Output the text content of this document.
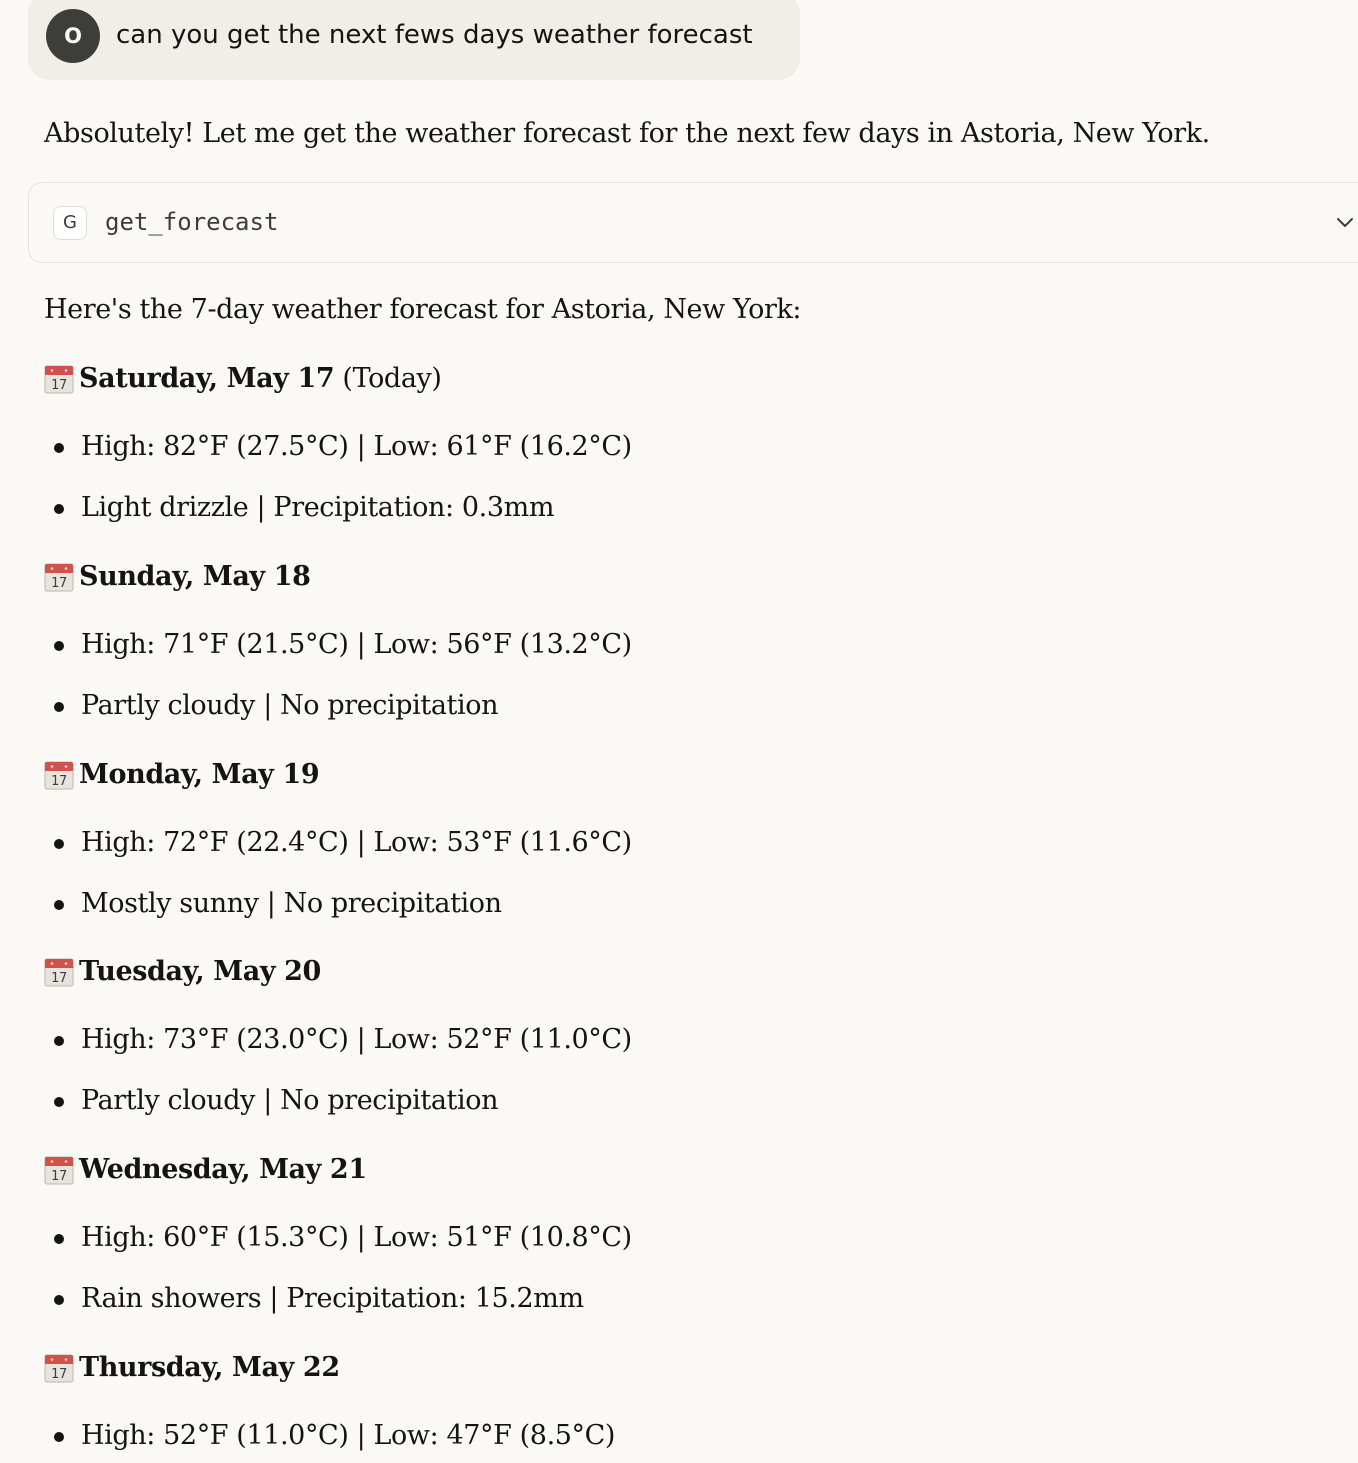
O	can you get the next fews days weather forecast
Absolutely! Let me get the weather forecast for the next few days in Astoria, New York.
G	get_forecast
Here's the 7-day weather forecast for Astoria, New York:
17 Saturday, May 17 (Today)
High: 82°F (27.5°C) | Low: 61°F (16.2°C)
Light drizzle | Precipitation: 0.3mm
17 Sunday, May 18
High: 71°F (21.5°C) | Low: 56°F (13.2°C)
Partly cloudy | No precipitation
17 Monday, May 19
High: 72°F (22.4°C) | Low: 53°F (11.6°C)
Mostly sunny | No precipitation
17 Tuesday, May 20
High: 73°F (23.0°C) | Low: 52°F (11.0°C)
Partly cloudy | No precipitation
17 Wednesday, May 21
High: 60°F (15.3°C) | Low: 51°F (10.8°C)
Rain showers | Precipitation: 15.2mm
17 Thursday, May 22
High: 52°F (11.0°C) | Low: 47°F (8.5°C)
